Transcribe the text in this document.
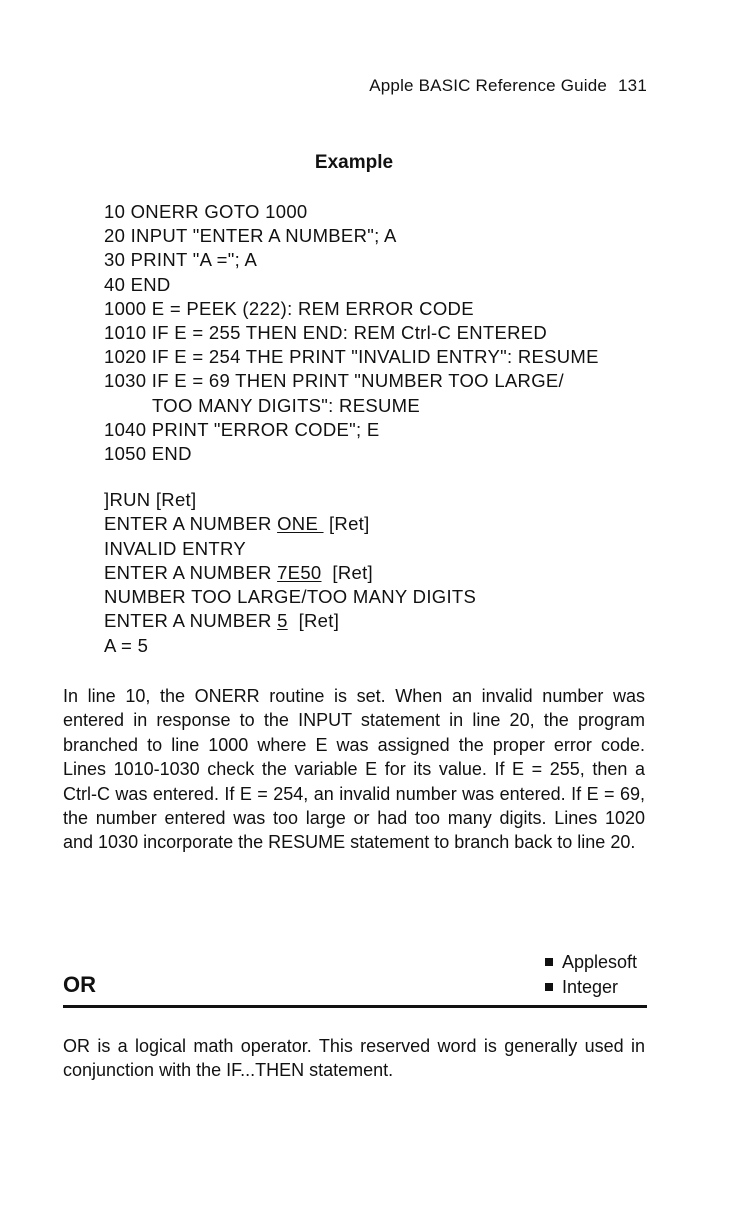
Apple BASIC Reference Guide 131
Example
10 ONERR GOTO 1000
20 INPUT "ENTER A NUMBER"; A
30 PRINT "A ="; A
40 END
1000 E = PEEK (222): REM ERROR CODE
1010 IF E = 255 THEN END: REM Ctrl-C ENTERED
1020 IF E = 254 THE PRINT "INVALID ENTRY": RESUME
1030 IF E = 69 THEN PRINT "NUMBER TOO LARGE/
TOO MANY DIGITS": RESUME
1040 PRINT "ERROR CODE"; E
1050 END
]RUN [Ret]
ENTER A NUMBER ONE  [Ret]
INVALID ENTRY
ENTER A NUMBER 7E50  [Ret]
NUMBER TOO LARGE/TOO MANY DIGITS
ENTER A NUMBER 5  [Ret]
A = 5

In line 10, the ONERR routine is set. When an invalid number was entered in response to the INPUT statement in line 20, the program branched to line 1000 where E was assigned the proper error code. Lines 1010-1030 check the variable E for its value. If E = 255, then a Ctrl-C was entered. If E = 254, an invalid number was entered. If E = 69, the number entered was too large or had too many digits. Lines 1020 and 1030 incorporate the RESUME statement to branch back to line 20.

OR
Applesoft
Integer

OR is a logical math operator. This reserved word is generally used in conjunction with the IF...THEN statement.
